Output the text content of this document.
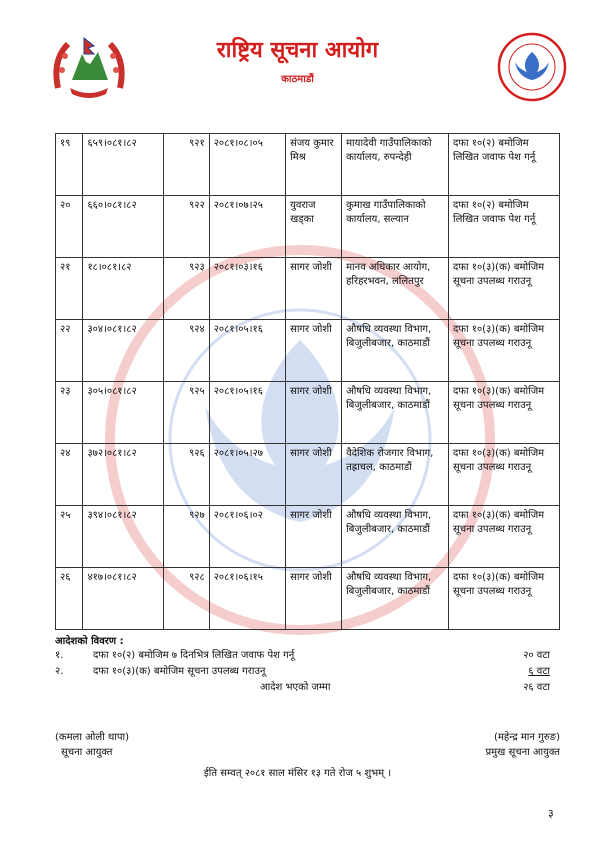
राष्ट्रिय सूचना आयोग
काठमाडौं
१९	६५९।०८१।८२	९२१	२०८१।०८।०५	संजय कुमार मिश्र	मायादेवी गाउँपालिकाको कार्यालय, रुपन्देही	दफा १०(२) बमोजिम लिखित जवाफ पेश गर्नू
२०	६६०।०८१।८२	९२२	२०८१।०७।२५	युवराज खड्का	कुमाख गाउँपालिकाको कार्यालय, सल्यान	दफा १०(२) बमोजिम लिखित जवाफ पेश गर्नू
२१	१८।०८१।८२	९२३	२०८१।०३।१६	सागर जोशी	मानव अधिकार आयोग, हरिहरभवन, ललितपुर	दफा १०(३)(क) बमोजिम सूचना उपलब्ध गराउनू
२२	३०४।०८१।८२	९२४	२०८१।०५।१६	सागर जोशी	औषधि व्यवस्था विभाग, बिजुलीबजार, काठमाडौं	दफा १०(३)(क) बमोजिम सूचना उपलब्ध गराउनू
२३	३०५।०८१।८२	९२५	२०८१।०५।१६	सागर जोशी	औषधि व्यवस्था विभाग, बिजुलीबजार, काठमाडौं	दफा १०(३)(क) बमोजिम सूचना उपलब्ध गराउनू
२४	३७२।०८१।८२	९२६	२०८१।०५।२७	सागर जोशी	वैदेशिक रोजगार विभाग, तह्राचल, काठमाडौं	दफा १०(३)(क) बमोजिम सूचना उपलब्ध गराउनू
२५	३९४।०८१।८२	९२७	२०८१।०६।०२	सागर जोशी	औषधि व्यवस्था विभाग, बिजुलीबजार, काठमाडौं	दफा १०(३)(क) बमोजिम सूचना उपलब्ध गराउनू
२६	४१७।०८१।८२	९२८	२०८१।०६।१५	सागर जोशी	औषधि व्यवस्था विभाग, बिजुलीबजार, काठमाडौं	दफा १०(३)(क) बमोजिम सूचना उपलब्ध गराउनू
आदेशको विवरण :
१.	दफा १०(२) बमोजिम ७ दिनभित्र लिखित जवाफ पेश गर्नू	२० वटा
२.	दफा १०(३)(क) बमोजिम सूचना उपलब्ध गराउनू	६ वटा
आदेश भएको जम्मा	२६ वटा
(कमला ओली थापा)
सूचना आयुक्त
(महेन्द्र मान गुरुङ)
प्रमुख सूचना आयुक्त
ईति सम्वत् २०८१ साल मंसिर १३ गते रोज ५ शुभम् ।
३
